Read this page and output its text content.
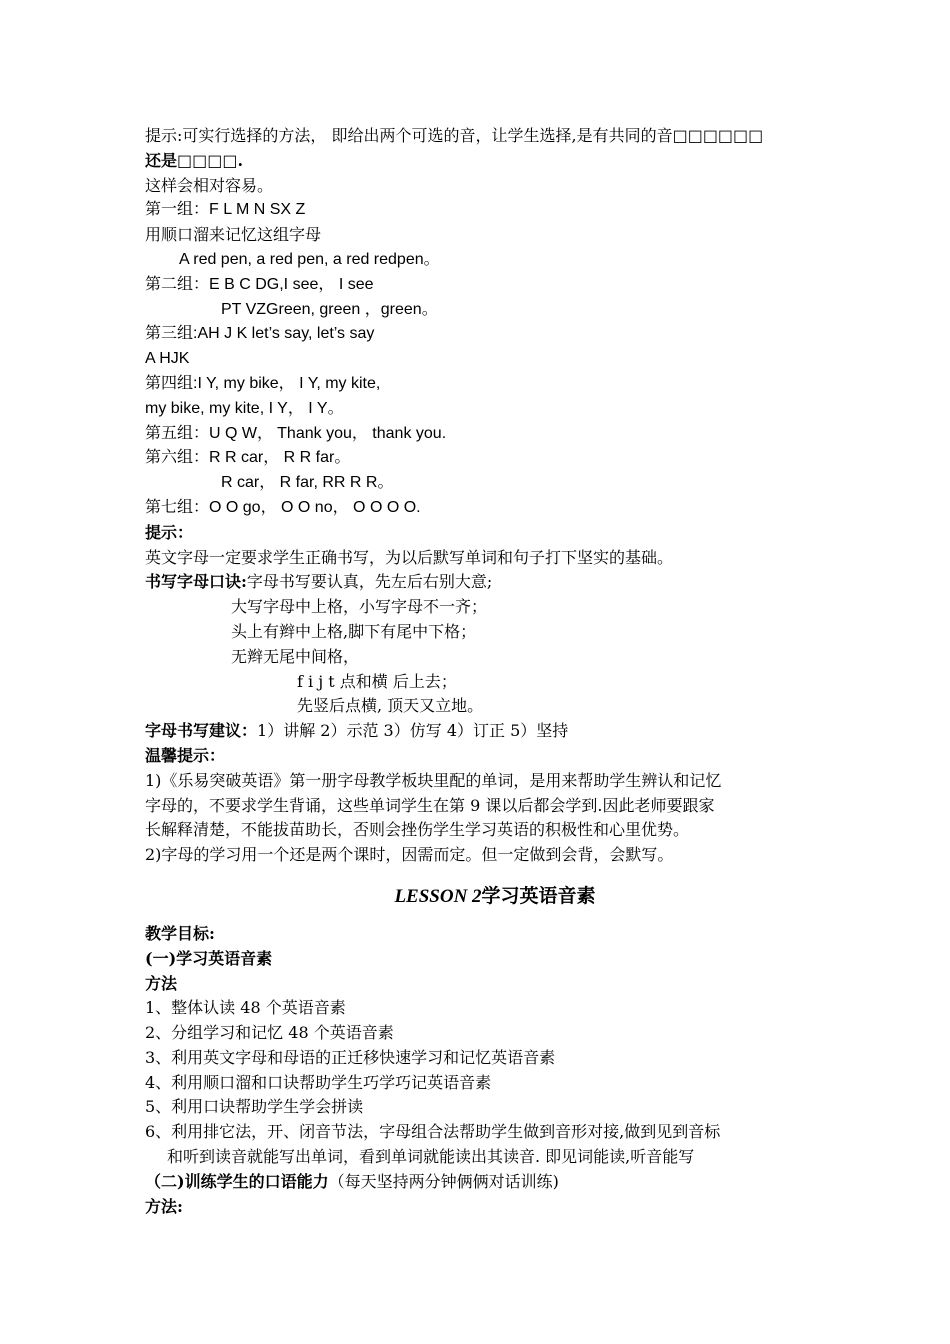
提示:可实行选择的方法， 即给出两个可选的音，让学生选择,是有共同的音□□□□□□
还是□□□□.
这样会相对容易。
第一组：F L M N SX Z
用顺口溜来记忆这组字母
A red pen, a red pen, a red redpen。
第二组：E B C DG,I see， I see
PT VZGreen, green ，green。
第三组:AH J K let’s say, let’s say
A HJK
第四组:I Y, my bike， I Y, my kite,
my bike, my kite, I Y， I Y。
第五组：U Q W， Thank you， thank you.
第六组：R R car， R R far。
R car， R far, RR R R。
第七组：O O go， O O no， O O O O.
提示：
英文字母一定要求学生正确书写，为以后默写单词和句子打下坚实的基础。
书写字母口诀:字母书写要认真，先左后右别大意;
大写字母中上格，小写字母不一齐；
头上有辫中上格,脚下有尾中下格；
无辫无尾中间格，
f i j t 点和横 后上去；
先竖后点横, 顶天又立地。
字母书写建议：1）讲解 2）示范 3）仿写 4）订正 5）坚持
温馨提示：
1)《乐易突破英语》第一册字母教学板块里配的单词，是用来帮助学生辨认和记忆
字母的，不要求学生背诵，这些单词学生在第 9 课以后都会学到.因此老师要跟家
长解释清楚，不能拔苗助长，否则会挫伤学生学习英语的积极性和心里优势。
2)字母的学习用一个还是两个课时，因需而定。但一定做到会背，会默写。
LESSON 2学习英语音素
教学目标:
(一)学习英语音素
方法
1、整体认读 48 个英语音素
2、分组学习和记忆 48 个英语音素
3、利用英文字母和母语的正迁移快速学习和记忆英语音素
4、利用顺口溜和口诀帮助学生巧学巧记英语音素
5、利用口诀帮助学生学会拼读
6、利用排它法，开、闭音节法，字母组合法帮助学生做到音形对接,做到见到音标
和听到读音就能写出单词，看到单词就能读出其读音. 即见词能读,听音能写
（二)训练学生的口语能力（每天坚持两分钟俩俩对话训练)
方法:
